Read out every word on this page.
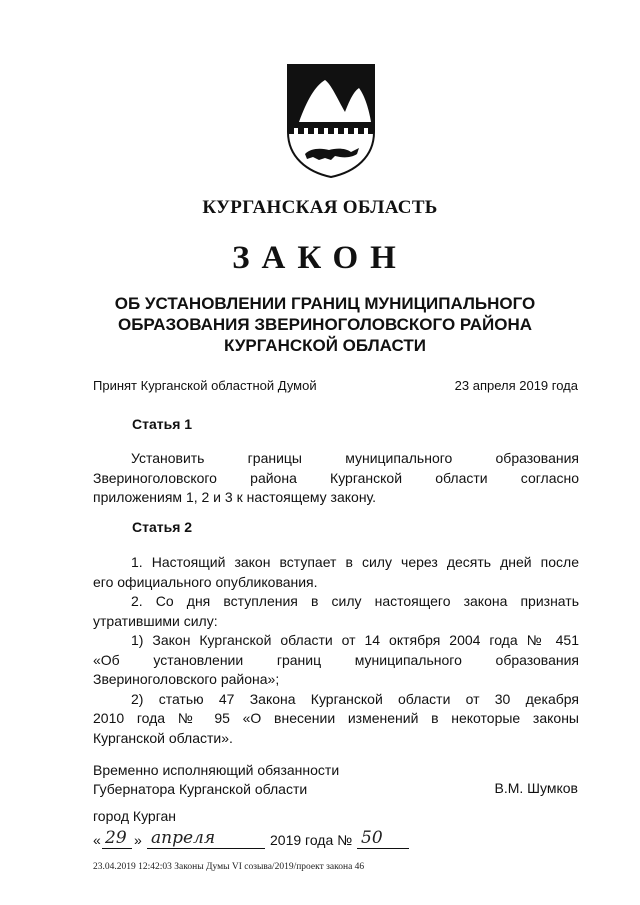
КУРГАНСКАЯ ОБЛАСТЬ
ЗАКОН
ОБ УСТАНОВЛЕНИИ ГРАНИЦ МУНИЦИПАЛЬНОГО
ОБРАЗОВАНИЯ ЗВЕРИНОГОЛОВСКОГО РАЙОНА
КУРГАНСКОЙ ОБЛАСТИ
Принят Курганской областной Думой	23 апреля 2019 года
Статья 1
Установить границы муниципального образования
Звериноголовского района Курганской области согласно
приложениям 1, 2 и 3 к настоящему закону.
Статья 2
1. Настоящий закон вступает в силу через десять дней после
его официального опубликования.
2. Со дня вступления в силу настоящего закона признать
утратившими силу:
1) Закон Курганской области от 14 октября 2004 года № 451
«Об установлении границ муниципального образования
Звериноголовского района»;
2) статью 47 Закона Курганской области от 30 декабря
2010 года № 95 «О внесении изменений в некоторые законы
Курганской области».
Временно исполняющий обязанности
Губернатора Курганской области	В.М. Шумков
город Курган
« 29 » апреля	2019 года № 50
23.04.2019 12:42:03 Законы Думы VI созыва/2019/проект закона 46
